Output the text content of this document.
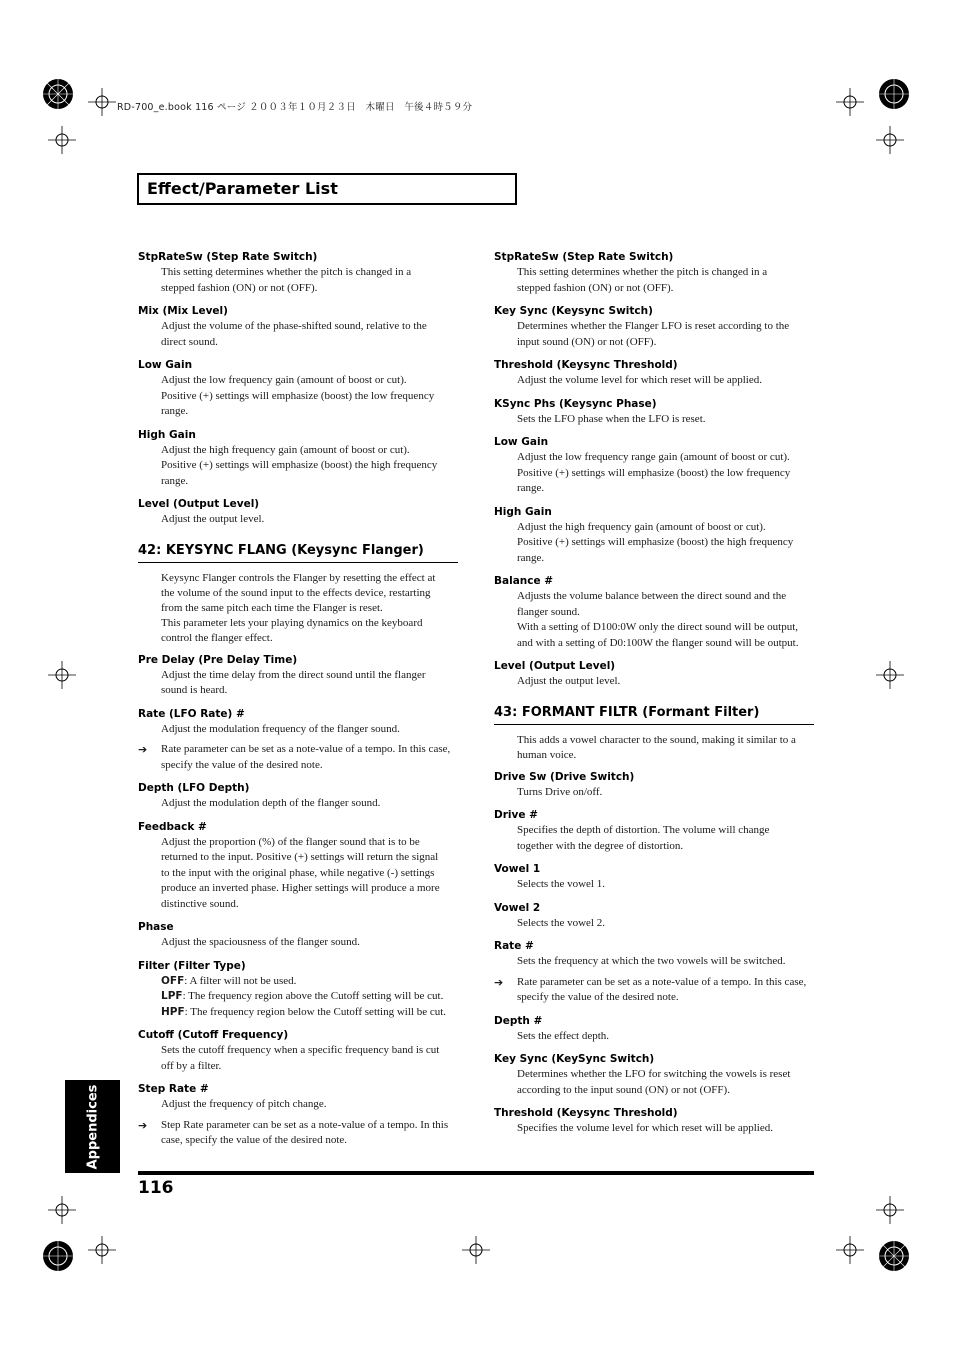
RD-700_e.book 116 ページ ２００３年１０月２３日　木曜日　午後４時５９分
Effect/Parameter List
StpRateSw (Step Rate Switch)
This setting determines whether the pitch is changed in a
stepped fashion (ON) or not (OFF).
Mix (Mix Level)
Adjust the volume of the phase-shifted sound, relative to the
direct sound.
Low Gain
Adjust the low frequency gain (amount of boost or cut).
Positive (+) settings will emphasize (boost) the low frequency
range.
High Gain
Adjust the high frequency gain (amount of boost or cut).
Positive (+) settings will emphasize (boost) the high frequency
range.
Level (Output Level)
Adjust the output level.
42: KEYSYNC FLANG (Keysync Flanger)
Keysync Flanger controls the Flanger by resetting the effect at
the volume of the sound input to the effects device, restarting
from the same pitch each time the Flanger is reset.
This parameter lets your playing dynamics on the keyboard
control the flanger effect.
Pre Delay (Pre Delay Time)
Adjust the time delay from the direct sound until the flanger
sound is heard.
Rate (LFO Rate) #
Adjust the modulation frequency of the flanger sound.
➔	Rate parameter can be set as a note-value of a tempo. In this case, specify the value of the desired note.
Depth (LFO Depth)
Adjust the modulation depth of the flanger sound.
Feedback #
Adjust the proportion (%) of the flanger sound that is to be
returned to the input. Positive (+) settings will return the signal
to the input with the original phase, while negative (-) settings
produce an inverted phase. Higher settings will produce a more
distinctive sound.
Phase
Adjust the spaciousness of the flanger sound.
Filter (Filter Type)
OFF: A filter will not be used.
LPF: The frequency region above the Cutoff setting will be cut.
HPF: The frequency region below the Cutoff setting will be cut.
Cutoff (Cutoff Frequency)
Sets the cutoff frequency when a specific frequency band is cut
off by a filter.
Step Rate #
Adjust the frequency of pitch change.
➔	Step Rate parameter can be set as a note-value of a tempo. In this case, specify the value of the desired note.
StpRateSw (Step Rate Switch)
This setting determines whether the pitch is changed in a
stepped fashion (ON) or not (OFF).
Key Sync (Keysync Switch)
Determines whether the Flanger LFO is reset according to the
input sound (ON) or not (OFF).
Threshold (Keysync Threshold)
Adjust the volume level for which reset will be applied.
KSync Phs (Keysync Phase)
Sets the LFO phase when the LFO is reset.
Low Gain
Adjust the low frequency range gain (amount of boost or cut).
Positive (+) settings will emphasize (boost) the low frequency
range.
High Gain
Adjust the high frequency gain (amount of boost or cut).
Positive (+) settings will emphasize (boost) the high frequency
range.
Balance #
Adjusts the volume balance between the direct sound and the
flanger sound.
With a setting of D100:0W only the direct sound will be output,
and with a setting of D0:100W the flanger sound will be output.
Level (Output Level)
Adjust the output level.
43: FORMANT FILTR (Formant Filter)
This adds a vowel character to the sound, making it similar to a
human voice.
Drive Sw (Drive Switch)
Turns Drive on/off.
Drive #
Specifies the depth of distortion. The volume will change
together with the degree of distortion.
Vowel 1
Selects the vowel 1.
Vowel 2
Selects the vowel 2.
Rate #
Sets the frequency at which the two vowels will be switched.
➔	Rate parameter can be set as a note-value of a tempo. In this case, specify the value of the desired note.
Depth #
Sets the effect depth.
Key Sync (KeySync Switch)
Determines whether the LFO for switching the vowels is reset
according to the input sound (ON) or not (OFF).
Threshold (Keysync Threshold)
Specifies the volume level for which reset will be applied.
Appendices
116
